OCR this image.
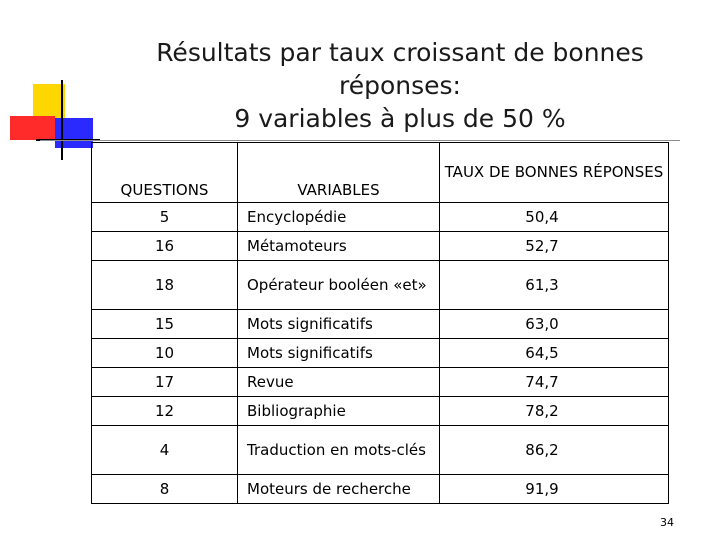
Résultats par taux croissant de bonnes
réponses:
9 variables à plus de 50 %
QUESTIONS	VARIABLES	TAUX DE BONNES RÉPONSES
5	Encyclopédie	50,4
16	Métamoteurs	52,7
18	Opérateur booléen «et»	61,3
15	Mots significatifs	63,0
10	Mots significatifs	64,5
17	Revue	74,7
12	Bibliographie	78,2
4	Traduction en mots-clés	86,2
8	Moteurs de recherche	91,9
34
